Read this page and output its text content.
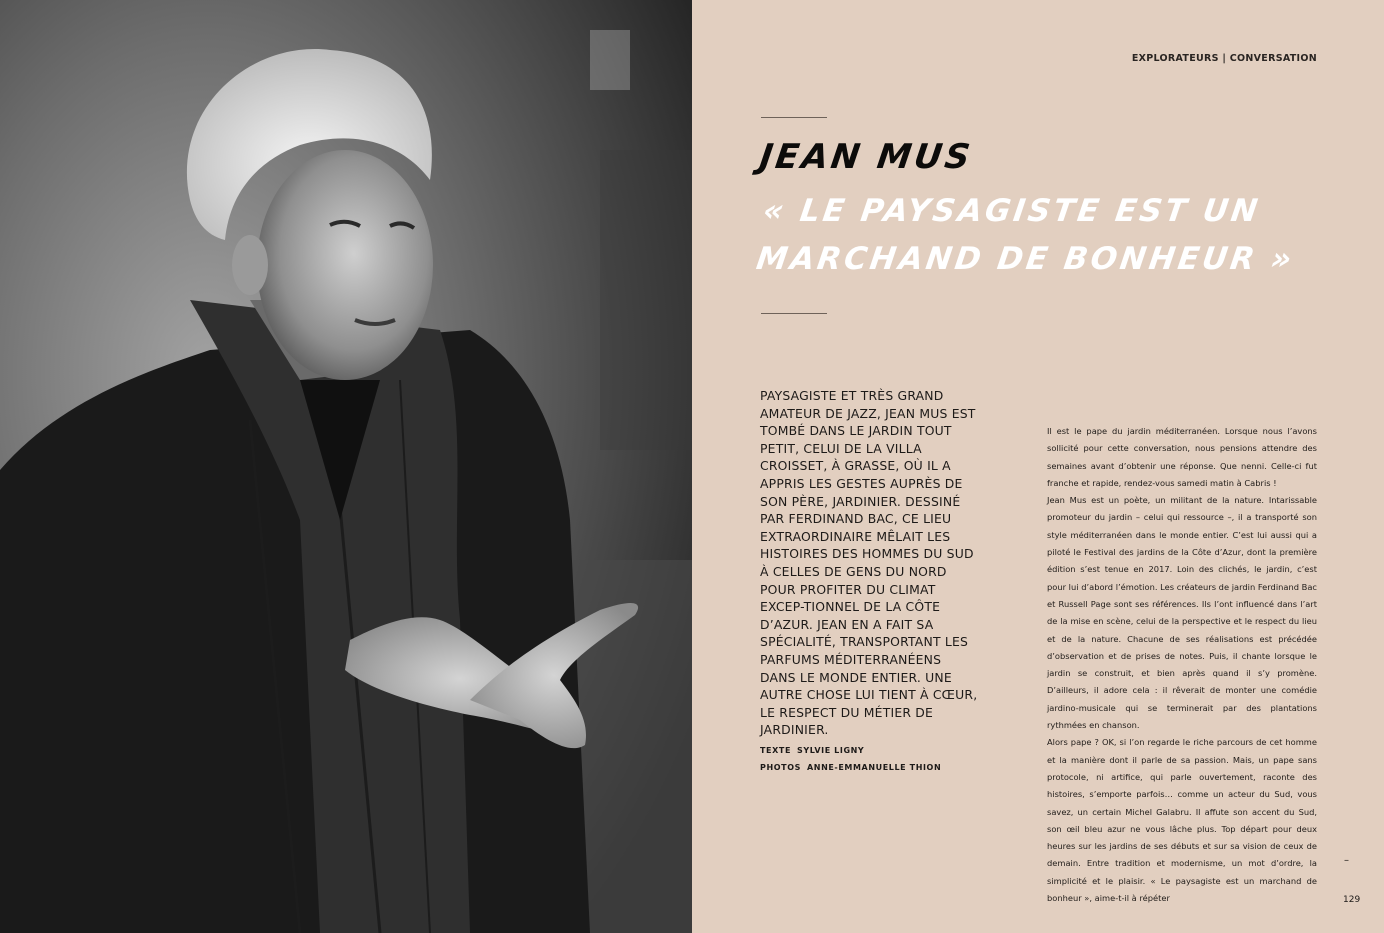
EXPLORATEURS | CONVERSATION
JEAN MUS
« LE PAYSAGISTE EST UN MARCHAND DE BONHEUR »
PAYSAGISTE ET TRÈS GRAND AMATEUR DE JAZZ, JEAN MUS EST TOMBÉ DANS LE JARDIN TOUT PETIT, CELUI DE LA VILLA CROISSET, À GRASSE, OÙ IL A APPRIS LES GESTES AUPRÈS DE SON PÈRE, JARDINIER. DESSINÉ PAR FERDINAND BAC, CE LIEU EXTRAORDINAIRE MÊLAIT LES HISTOIRES DES HOMMES DU SUD À CELLES DE GENS DU NORD POUR PROFITER DU CLIMAT EXCEP-TIONNEL DE LA CÔTE D’AZUR. JEAN EN A FAIT SA SPÉCIALITÉ, TRANSPORTANT LES PARFUMS MÉDITERRANÉENS DANS LE MONDE ENTIER. UNE AUTRE CHOSE LUI TIENT À CŒUR, LE RESPECT DU MÉTIER DE JARDINIER.
TEXTE SYLVIE LIGNY
PHOTOS ANNE-EMMANUELLE THION

Il est le pape du jardin méditerranéen. Lorsque nous l’avons sollicité pour cette conversation, nous pensions attendre des semaines avant d’obtenir une réponse. Que nenni. Celle-ci fut franche et rapide, rendez-vous samedi matin à Cabris !

Jean Mus est un poète, un militant de la nature. Intarissable promoteur du jardin – celui qui ressource –, il a transporté son style méditerranéen dans le monde entier. C’est lui aussi qui a piloté le Festival des jardins de la Côte d’Azur, dont la première édition s’est tenue en 2017. Loin des clichés, le jardin, c’est pour lui d’abord l’émotion. Les créateurs de jardin Ferdinand Bac et Russell Page sont ses références. Ils l’ont influencé dans l’art de la mise en scène, celui de la perspective et le respect du lieu et de la nature. Chacune de ses réalisations est précédée d’observation et de prises de notes. Puis, il chante lorsque le jardin se construit, et bien après quand il s’y promène. D’ailleurs, il adore cela : il rêverait de monter une comédie jardino-musicale qui se terminerait par des plantations rythmées en chanson.

Alors pape ? OK, si l’on regarde le riche parcours de cet homme et la manière dont il parle de sa passion. Mais, un pape sans protocole, ni artifice, qui parle ouvertement, raconte des histoires, s’emporte parfois… comme un acteur du Sud, vous savez, un certain Michel Galabru. Il affute son accent du Sud, son œil bleu azur ne vous lâche plus. Top départ pour deux heures sur les jardins de ses débuts et sur sa vision de ceux de demain. Entre tradition et modernisme, un mot d’ordre, la simplicité et le plaisir. « Le paysagiste est un marchand de bonheur », aime-t-il à répéter

–
129
